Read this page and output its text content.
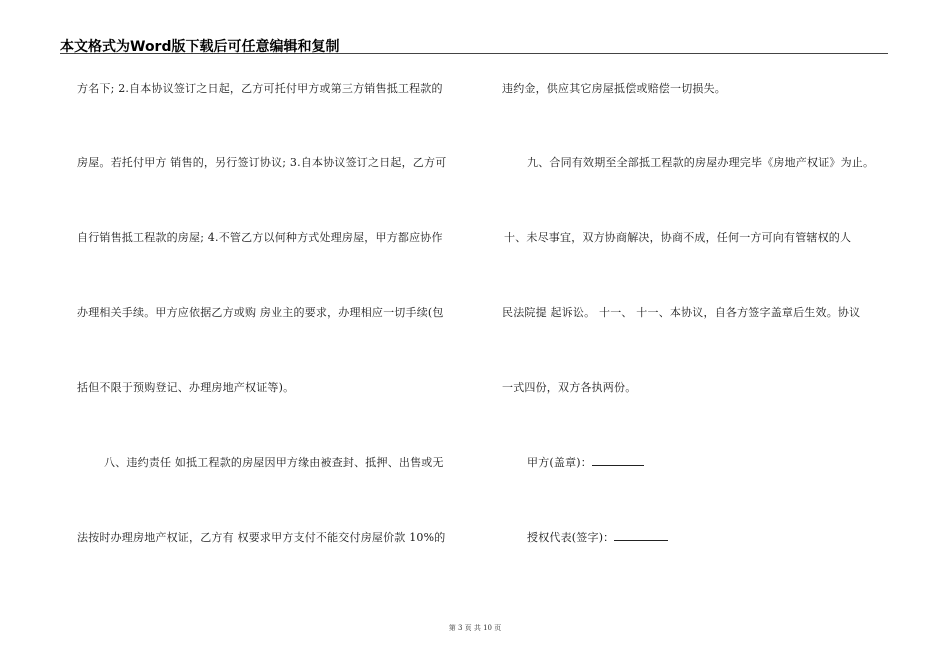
本文格式为Word版下载后可任意编辑和复制
方名下; 2.自本协议签订之日起，乙方可托付甲方或第三方销售抵工程款的
房屋。若托付甲方 销售的，另行签订协议; 3.自本协议签订之日起，乙方可
自行销售抵工程款的房屋; 4.不管乙方以何种方式处理房屋，甲方都应协作
办理相关手续。甲方应依据乙方或购 房业主的要求，办理相应一切手续(包
括但不限于预购登记、办理房地产权证等)。
八、违约责任 如抵工程款的房屋因甲方缘由被查封、抵押、出售或无
法按时办理房地产权证，乙方有 权要求甲方支付不能交付房屋价款 10%的
违约金，供应其它房屋抵偿或赔偿一切损失。
九、合同有效期至全部抵工程款的房屋办理完毕《房地产权证》为止。
十、未尽事宜，双方协商解决，协商不成，任何一方可向有管辖权的人
民法院提 起诉讼。 十一、 十一、本协议，自各方签字盖章后生效。协议
一式四份，双方各执两份。
甲方(盖章)：
授权代表(签字)：
第 3 页 共 10 页
